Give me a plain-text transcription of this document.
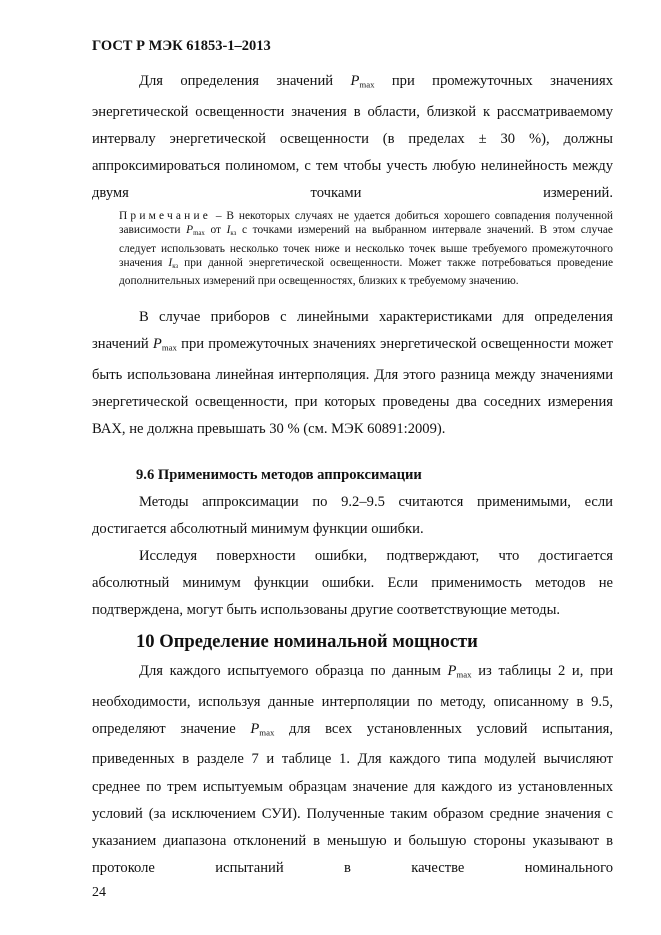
ГОСТ Р МЭК 61853-1–2013

Для определения значений $P_{max}$ при промежуточных значениях энергетической освещенности значения в области, близкой к рассматриваемому интервалу энергетической освещенности (в пределах ± 30 %), должны аппроксимироваться полиномом, с тем чтобы учесть любую нелинейность между двумя точками измерений.

Примечание – В некоторых случаях не удается добиться хорошего совпадения полученной зависимости $P_{max}$ от $I_{кз}$ с точками измерений на выбранном интервале значений. В этом случае следует использовать несколько точек ниже и несколько точек выше требуемого промежуточного значения $I_{кз}$ при данной энергетической освещенности. Может также потребоваться проведение дополнительных измерений при освещенностях, близких к требуемому значению.

В случае приборов с линейными характеристиками для определения значений $P_{max}$ при промежуточных значениях энергетической освещенности может быть использована линейная интерполяция. Для этого разница между значениями энергетической освещенности, при которых проведены два соседних измерения ВАХ, не должна превышать 30 % (см. МЭК 60891:2009).

9.6 Применимость методов аппроксимации

Методы аппроксимации по 9.2–9.5 считаются применимыми, если достигается абсолютный минимум функции ошибки.

Исследуя поверхности ошибки, подтверждают, что достигается абсолютный минимум функции ошибки. Если применимость методов не подтверждена, могут быть использованы другие соответствующие методы.

10 Определение номинальной мощности

Для каждого испытуемого образца по данным $P_{max}$ из таблицы 2 и, при необходимости, используя данные интерполяции по методу, описанному в 9.5, определяют значение $P_{max}$ для всех установленных условий испытания, приведенных в разделе 7 и таблице 1. Для каждого типа модулей вычисляют среднее по трем испытуемым образцам значение для каждого из установленных условий (за исключением СУИ). Полученные таким образом средние значения с указанием диапазона отклонений в меньшую и большую стороны указывают в протоколе испытаний в качестве номинального

24
